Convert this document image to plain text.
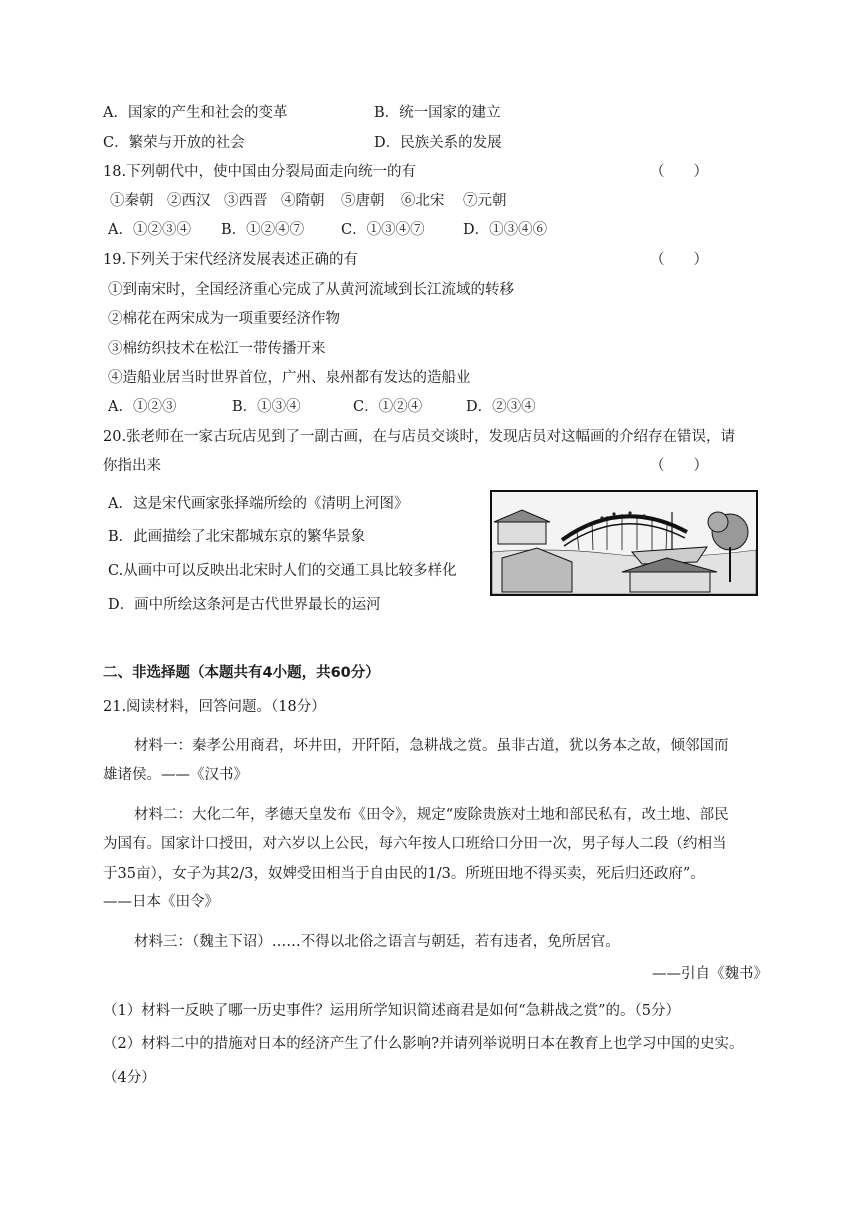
A．国家的产生和社会的变革	B．统一国家的建立
C．繁荣与开放的社会	D．民族关系的发展
18.下列朝代中，使中国由分裂局面走向统一的有	（　　）
①秦朝 ②西汉 ③西晋 ④隋朝 ⑤唐朝 ⑥北宋 ⑦元朝
A．①②③④ B．①②④⑦	C．①③④⑦	D．①③④⑥
19.下列关于宋代经济发展表述正确的有	（　　）
①到南宋时，全国经济重心完成了从黄河流域到长江流域的转移
②棉花在两宋成为一项重要经济作物
③棉纺织技术在松江一带传播开来
④造船业居当时世界首位，广州、泉州都有发达的造船业
A．①②③	B．①③④	C．①②④	D．②③④
20.张老师在一家古玩店见到了一副古画，在与店员交谈时，发现店员对这幅画的介绍存在错误，请
你指出来	（　　）
A．这是宋代画家张择端所绘的《清明上河图》
B．此画描绘了北宋都城东京的繁华景象
C.从画中可以反映出北宋时人们的交通工具比较多样化
D．画中所绘这条河是古代世界最长的运河
二、非选择题（本题共有4小题，共60分）
21.阅读材料，回答问题。（18分）
材料一：秦孝公用商君，坏井田，开阡陌，急耕战之赏。虽非古道，犹以务本之故，倾邻国而
雄诸侯。——《汉书》
材料二：大化二年，孝德天皇发布《田令》，规定“废除贵族对土地和部民私有，改土地、部民
为国有。国家计口授田，对六岁以上公民，每六年按人口班给口分田一次，男子每人二段（约相当
于35亩），女子为其2/3，奴婢受田相当于自由民的1/3。所班田地不得买卖，死后归还政府”。
——日本《田令》
材料三：（魏主下诏）……不得以北俗之语言与朝廷，若有违者，免所居官。
——引自《魏书》
（1）材料一反映了哪一历史事件？运用所学知识简述商君是如何“急耕战之赏”的。（5分）
（2）材料二中的措施对日本的经济产生了什么影响?并请列举说明日本在教育上也学习中国的史实。
（4分）
